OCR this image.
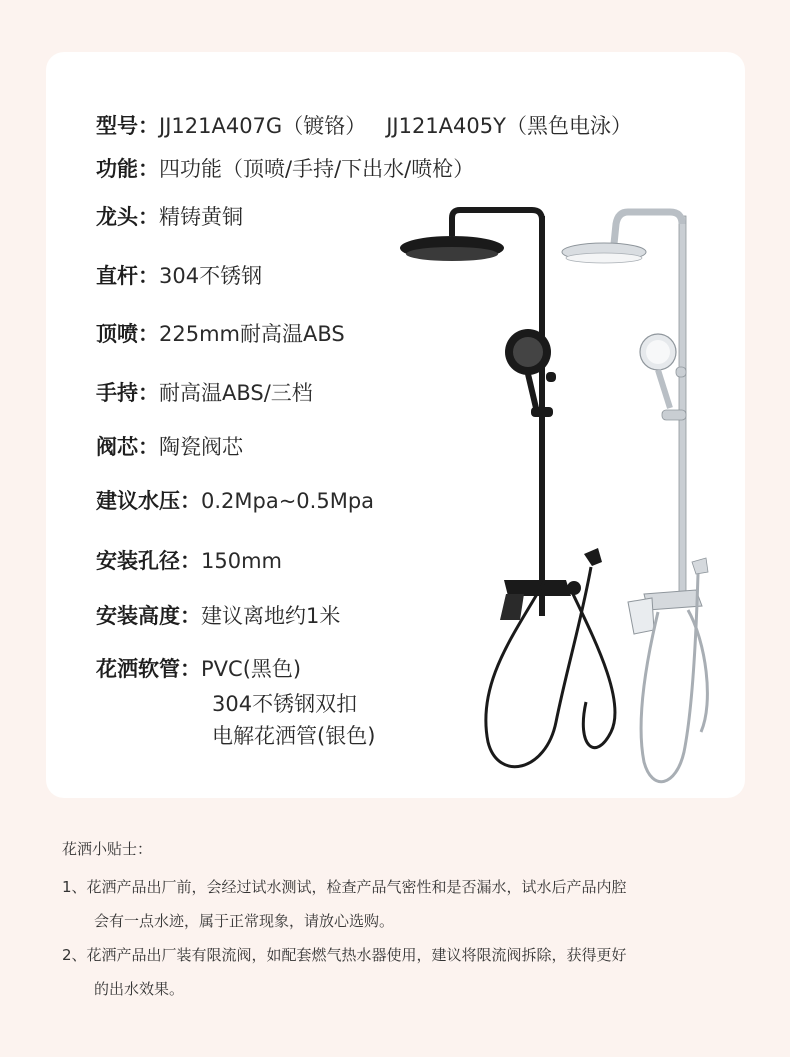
型号：JJ121A407G（镀铬）   JJ121A405Y（黑色电泳）
功能：四功能（顶喷/手持/下出水/喷枪）
龙头：精铸黄铜
直杆：304不锈钢
顶喷：225mm耐高温ABS
手持：耐高温ABS/三档
阀芯：陶瓷阀芯
建议水压：0.2Mpa~0.5Mpa
安装孔径：150mm
安装高度：建议离地约1米
花洒软管：PVC(黑色)
304不锈钢双扣
电解花洒管(银色)
花洒小贴士：
1、花洒产品出厂前，会经过试水测试，检查产品气密性和是否漏水，试水后产品内腔
会有一点水迹，属于正常现象，请放心选购。
2、花洒产品出厂装有限流阀，如配套燃气热水器使用，建议将限流阀拆除，获得更好
的出水效果。
